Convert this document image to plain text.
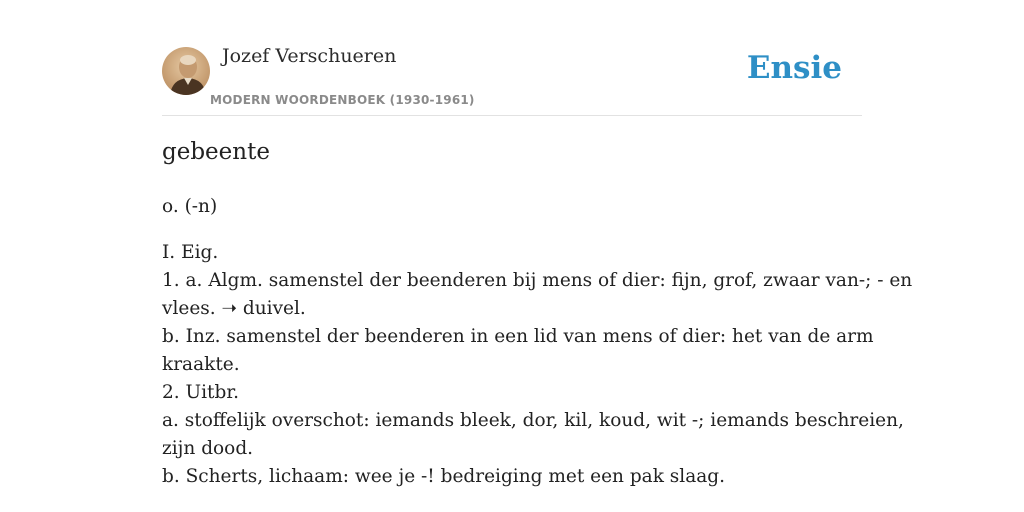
Jozef Verschueren
MODERN WOORDENBOEK (1930-1961)
Ensie
gebeente
o. (-n)
I. Eig.
1. a. Algm. samenstel der beenderen bij mens of dier: fijn, grof, zwaar van-; - en
vlees. ➝ duivel.
b. Inz. samenstel der beenderen in een lid van mens of dier: het van de arm
kraakte.
2. Uitbr.
a. stoffelijk overschot: iemands bleek, dor, kil, koud, wit -; iemands beschreien,
zijn dood.
b. Scherts, lichaam: wee je -! bedreiging met een pak slaag.
